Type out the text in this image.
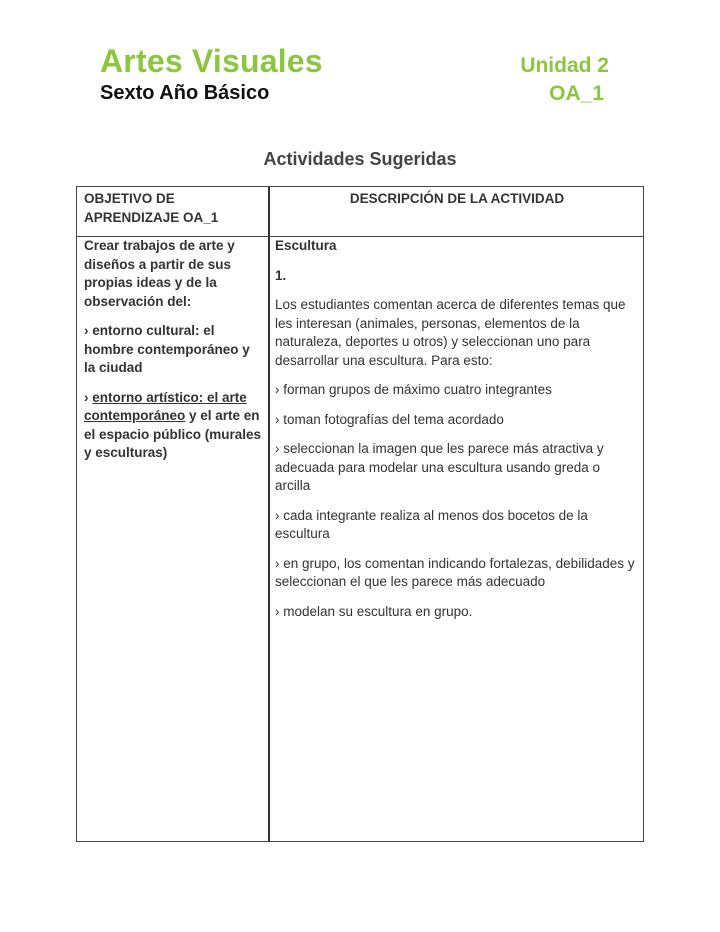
Artes Visuales
Sexto Año Básico
Unidad 2
OA_1
Actividades Sugeridas
OBJETIVO DE APRENDIZAJE OA_1
DESCRIPCIÓN DE LA ACTIVIDAD

Crear trabajos de arte y diseños a partir de sus propias ideas y de la observación del:

› entorno cultural: el hombre contemporáneo y la ciudad

› entorno artístico: el arte contemporáneo y el arte en el espacio público (murales y esculturas)

Escultura

1.

Los estudiantes comentan acerca de diferentes temas que les interesan (animales, personas, elementos de la naturaleza, deportes u otros) y seleccionan uno para desarrollar una escultura. Para esto:

› forman grupos de máximo cuatro integrantes

› toman fotografías del tema acordado

› seleccionan la imagen que les parece más atractiva y adecuada para modelar una escultura usando greda o arcilla

› cada integrante realiza al menos dos bocetos de la escultura

› en grupo, los comentan indicando fortalezas, debilidades y seleccionan el que les parece más adecuado

› modelan su escultura en grupo.
